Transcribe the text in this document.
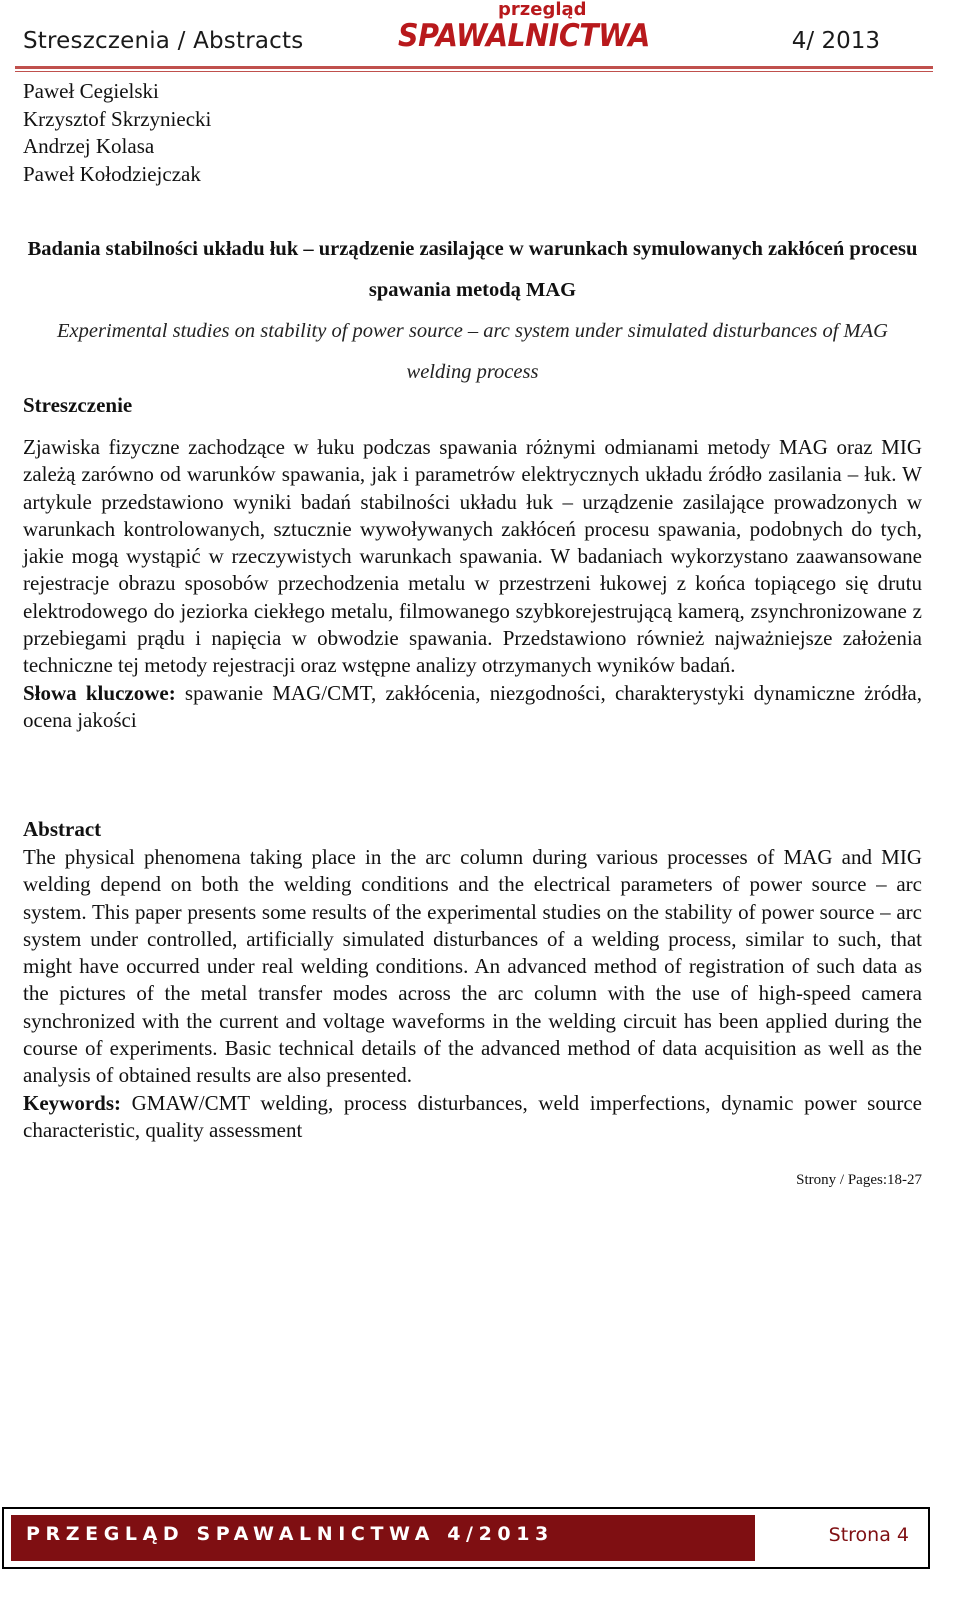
Streszczenia / Abstracts
przegląd
SPAWALNICTWA	4/ 2013
Paweł Cegielski
Krzysztof Skrzyniecki
Andrzej Kolasa
Paweł Kołodziejczak
Badania stabilności układu łuk – urządzenie zasilające w warunkach symulowanych zakłóceń procesu spawania metodą MAG
Experimental studies on stability of power source – arc system under simulated disturbances of MAG welding process
Streszczenie
Zjawiska fizyczne zachodzące w łuku podczas spawania różnymi odmianami metody MAG oraz MIG zależą zarówno od warunków spawania, jak i parametrów elektrycznych układu źródło zasilania – łuk. W artykule przedstawiono wyniki badań stabilności układu łuk – urządzenie zasilające prowadzonych w warunkach kontrolowanych, sztucznie wywoływanych zakłóceń procesu spawania, podobnych do tych, jakie mogą wystąpić w rzeczywistych warunkach spawania. W badaniach wykorzystano zaawansowane rejestracje obrazu sposobów przechodzenia metalu w przestrzeni łukowej z końca topiącego się drutu elektrodowego do jeziorka ciekłego metalu, filmowanego szybkorejestrującą kamerą, zsynchronizowane z przebiegami prądu i napięcia w obwodzie spawania. Przedstawiono również najważniejsze założenia techniczne tej metody rejestracji oraz wstępne analizy otrzymanych wyników badań.
Słowa kluczowe: spawanie MAG/CMT, zakłócenia, niezgodności, charakterystyki dynamiczne żródła, ocena jakości
Abstract
The physical phenomena taking place in the arc column during various processes of MAG and MIG welding depend on both the welding conditions and the electrical parameters of power source – arc system. This paper presents some results of the experimental studies on the stability of power source – arc system under controlled, artificially simulated disturbances of a welding process, similar to such, that might have occurred under real welding conditions. An advanced method of registration of such data as the pictures of the metal transfer modes across the arc column with the use of high-speed camera synchronized with the current and voltage waveforms in the welding circuit has been applied during the course of experiments. Basic technical details of the advanced method of data acquisition as well as the analysis of obtained results are also presented.
Keywords: GMAW/CMT welding, process disturbances, weld imperfections, dynamic power source characteristic, quality assessment
Strony / Pages:18-27
PRZEGLĄD SPAWALNICTWA 4/2013	Strona 4
